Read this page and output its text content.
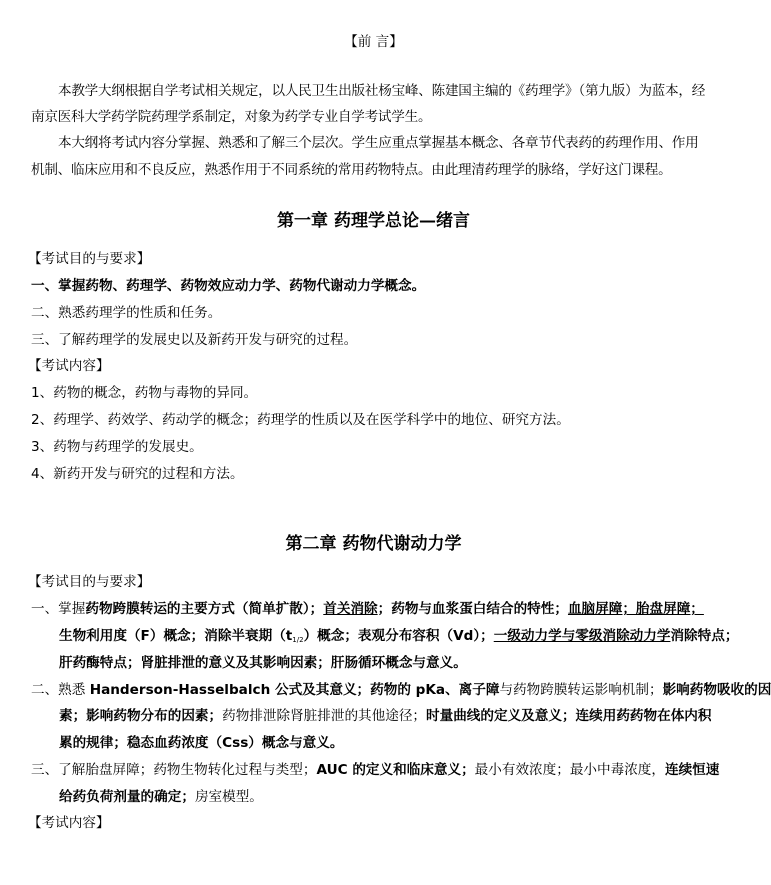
【前 言】
本教学大纲根据自学考试相关规定，以人民卫生出版社杨宝峰、陈建国主编的《药理学》（第九版）为蓝本，经
南京医科大学药学院药理学系制定，对象为药学专业自学考试学生。
本大纲将考试内容分掌握、熟悉和了解三个层次。学生应重点掌握基本概念、各章节代表药的药理作用、作用
机制、临床应用和不良反应，熟悉作用于不同系统的常用药物特点。由此理清药理学的脉络，学好这门课程。
第一章 药理学总论—绪言
【考试目的与要求】
一、掌握药物、药理学、药物效应动力学、药物代谢动力学概念。
二、熟悉药理学的性质和任务。
三、了解药理学的发展史以及新药开发与研究的过程。
【考试内容】
1、药物的概念，药物与毒物的异同。
2、药理学、药效学、药动学的概念；药理学的性质以及在医学科学中的地位、研究方法。
3、药物与药理学的发展史。
4、新药开发与研究的过程和方法。
第二章 药物代谢动力学
【考试目的与要求】
一、掌握药物跨膜转运的主要方式（简单扩散）；首关消除；药物与血浆蛋白结合的特性；血脑屏障；胎盘屏障；
生物利用度（F）概念；消除半衰期$(t_{1/2})$概念；表观分布容积（Vd）；一级动力学与零级消除动力学消除特点；
肝药酶特点；肾脏排泄的意义及其影响因素；肝肠循环概念与意义。
二、熟悉 Handerson-Hasselbalch 公式及其意义；药物的 pKa、离子障与药物跨膜转运影响机制；影响药物吸收的因
素；影响药物分布的因素；药物排泄除肾脏排泄的其他途径；时量曲线的定义及意义；连续用药药物在体内积
累的规律；稳态血药浓度（Css）概念与意义。
三、了解胎盘屏障；药物生物转化过程与类型；AUC 的定义和临床意义；最小有效浓度；最小中毒浓度，连续恒速
给药负荷剂量的确定；房室模型。
【考试内容】
